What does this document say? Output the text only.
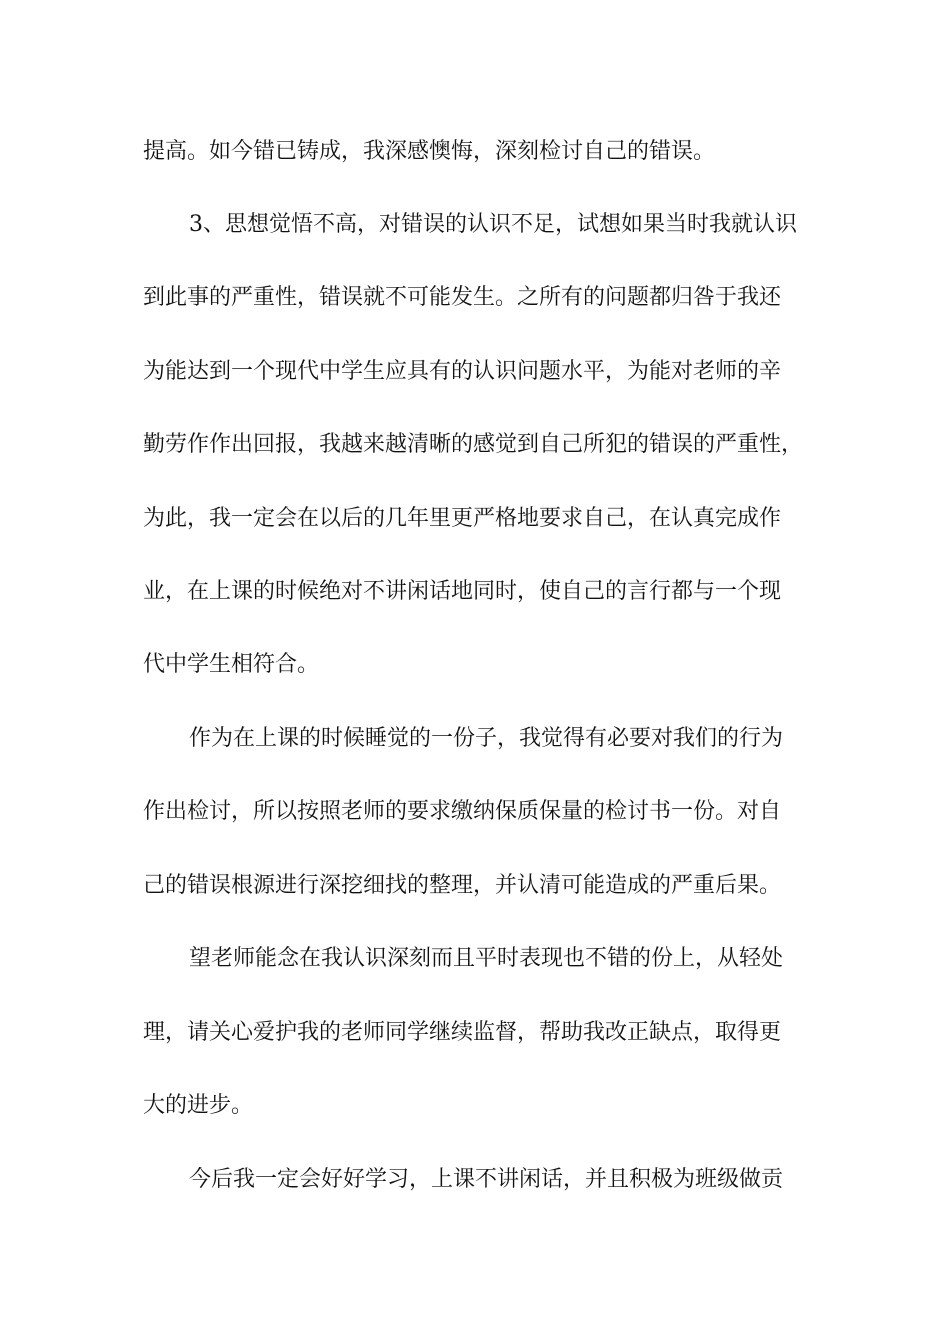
提高。如今错已铸成，我深感懊悔，深刻检讨自己的错误。

3、思想觉悟不高，对错误的认识不足，试想如果当时我就认识

到此事的严重性，错误就不可能发生。之所有的问题都归咎于我还

为能达到一个现代中学生应具有的认识问题水平，为能对老师的辛

勤劳作作出回报，我越来越清晰的感觉到自己所犯的错误的严重性，

为此，我一定会在以后的几年里更严格地要求自己，在认真完成作

业，在上课的时候绝对不讲闲话地同时，使自己的言行都与一个现

代中学生相符合。

作为在上课的时候睡觉的一份子，我觉得有必要对我们的行为

作出检讨，所以按照老师的要求缴纳保质保量的检讨书一份。对自

己的错误根源进行深挖细找的整理，并认清可能造成的严重后果。

望老师能念在我认识深刻而且平时表现也不错的份上，从轻处

理，请关心爱护我的老师同学继续监督，帮助我改正缺点，取得更

大的进步。

今后我一定会好好学习，上课不讲闲话，并且积极为班级做贡
